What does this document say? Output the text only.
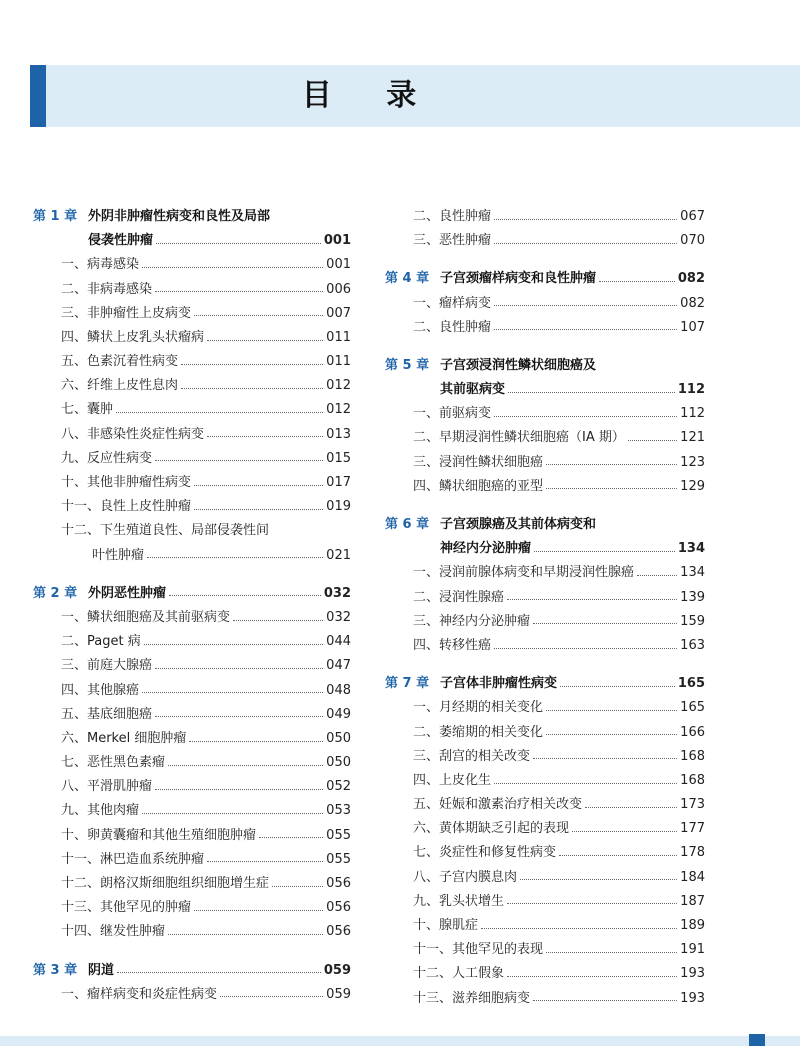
目 录
第 1 章 外阴非肿瘤性病变和良性及局部
侵袭性肿瘤	001
一、病毒感染	001
二、非病毒感染	006
三、非肿瘤性上皮病变	007
四、鳞状上皮乳头状瘤病	011
五、色素沉着性病变	011
六、纤维上皮性息肉	012
七、囊肿	012
八、非感染性炎症性病变	013
九、反应性病变	015
十、其他非肿瘤性病变	017
十一、良性上皮性肿瘤	019
十二、下生殖道良性、局部侵袭性间
叶性肿瘤	021
第 2 章 外阴恶性肿瘤	032
一、鳞状细胞癌及其前驱病变	032
二、Paget 病	044
三、前庭大腺癌	047
四、其他腺癌	048
五、基底细胞癌	049
六、Merkel 细胞肿瘤	050
七、恶性黑色素瘤	050
八、平滑肌肿瘤	052
九、其他肉瘤	053
十、卵黄囊瘤和其他生殖细胞肿瘤	055
十一、淋巴造血系统肿瘤	055
十二、朗格汉斯细胞组织细胞增生症	056
十三、其他罕见的肿瘤	056
十四、继发性肿瘤	056
第 3 章 阴道	059
一、瘤样病变和炎症性病变	059
二、良性肿瘤	067
三、恶性肿瘤	070
第 4 章 子宫颈瘤样病变和良性肿瘤	082
一、瘤样病变	082
二、良性肿瘤	107
第 5 章 子宫颈浸润性鳞状细胞癌及
其前驱病变	112
一、前驱病变	112
二、早期浸润性鳞状细胞癌（ⅠA 期）	121
三、浸润性鳞状细胞癌	123
四、鳞状细胞癌的亚型	129
第 6 章 子宫颈腺癌及其前体病变和
神经内分泌肿瘤	134
一、浸润前腺体病变和早期浸润性腺癌	134
二、浸润性腺癌	139
三、神经内分泌肿瘤	159
四、转移性癌	163
第 7 章 子宫体非肿瘤性病变	165
一、月经期的相关变化	165
二、萎缩期的相关变化	166
三、刮宫的相关改变	168
四、上皮化生	168
五、妊娠和激素治疗相关改变	173
六、黄体期缺乏引起的表现	177
七、炎症性和修复性病变	178
八、子宫内膜息肉	184
九、乳头状增生	187
十、腺肌症	189
十一、其他罕见的表现	191
十二、人工假象	193
十三、滋养细胞病变	193
